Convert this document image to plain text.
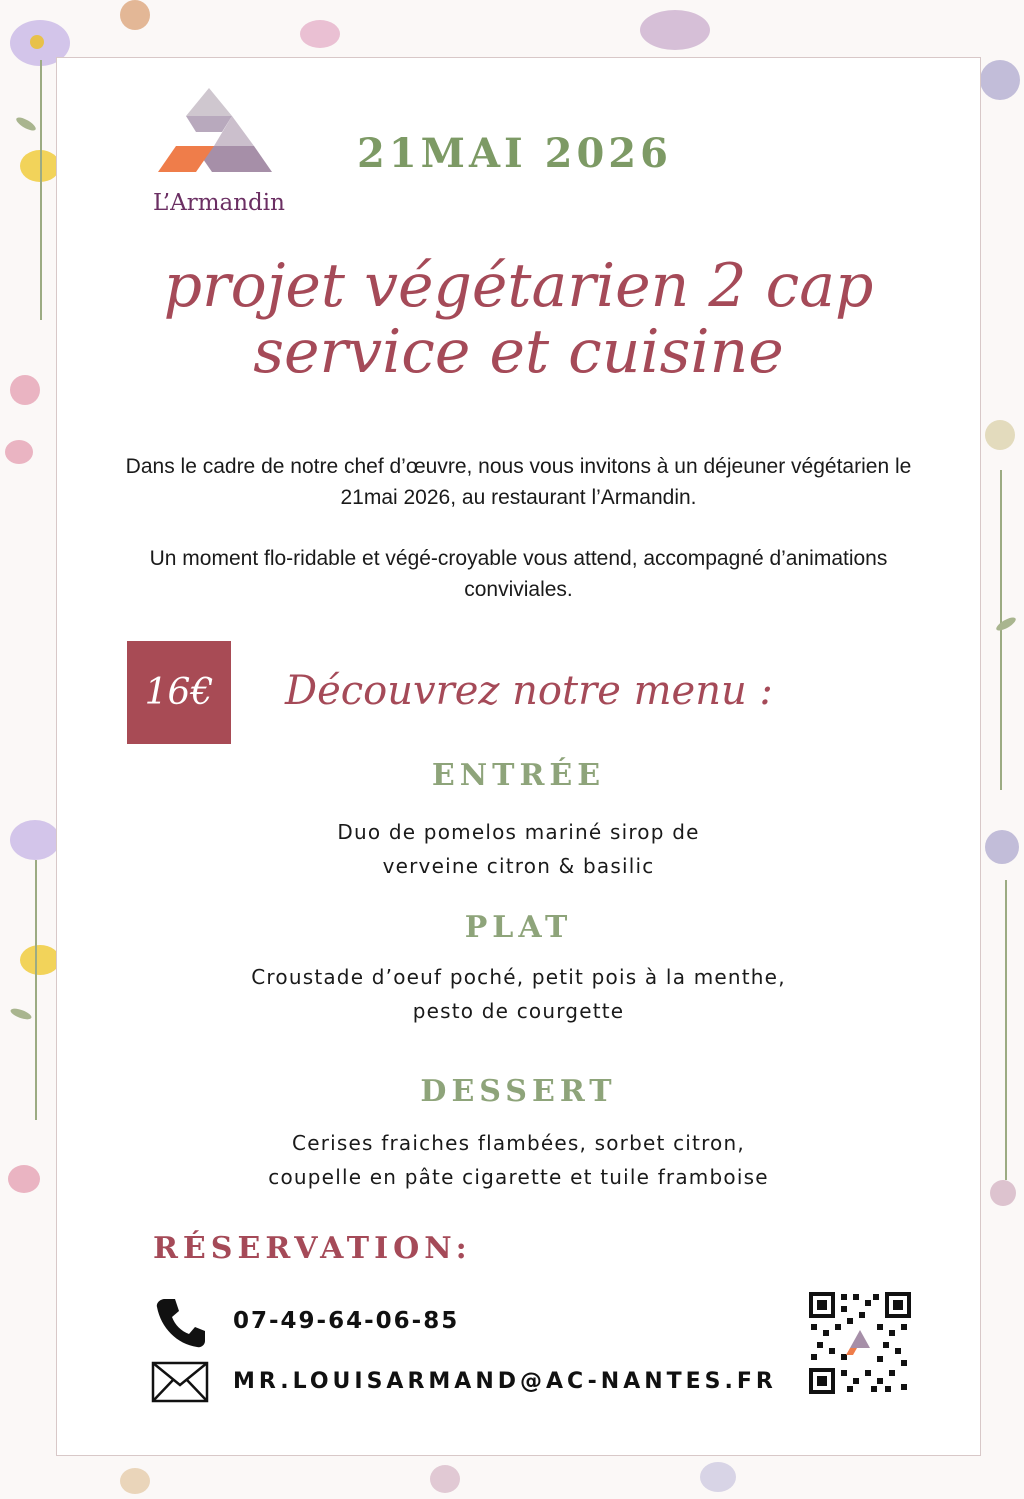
L’Armandin
21MAI 2026
projet végétarien 2 cap
service et cuisine

Dans le cadre de notre chef d’œuvre, nous vous invitons à un déjeuner végétarien le 21mai 2026, au restaurant l’Armandin.

Un moment flo-ridable et végé-croyable vous attend, accompagné d’animations conviviales.

16€	Découvrez notre menu :
ENTRÉE
Duo de pomelos mariné sirop de
verveine citron & basilic
PLAT
Croustade d’oeuf poché, petit pois à la menthe,
pesto de courgette
DESSERT
Cerises fraiches flambées, sorbet citron,
coupelle en pâte cigarette et tuile framboise
RÉSERVATION:
07-49-64-06-85
MR.LOUISARMAND@AC-NANTES.FR
